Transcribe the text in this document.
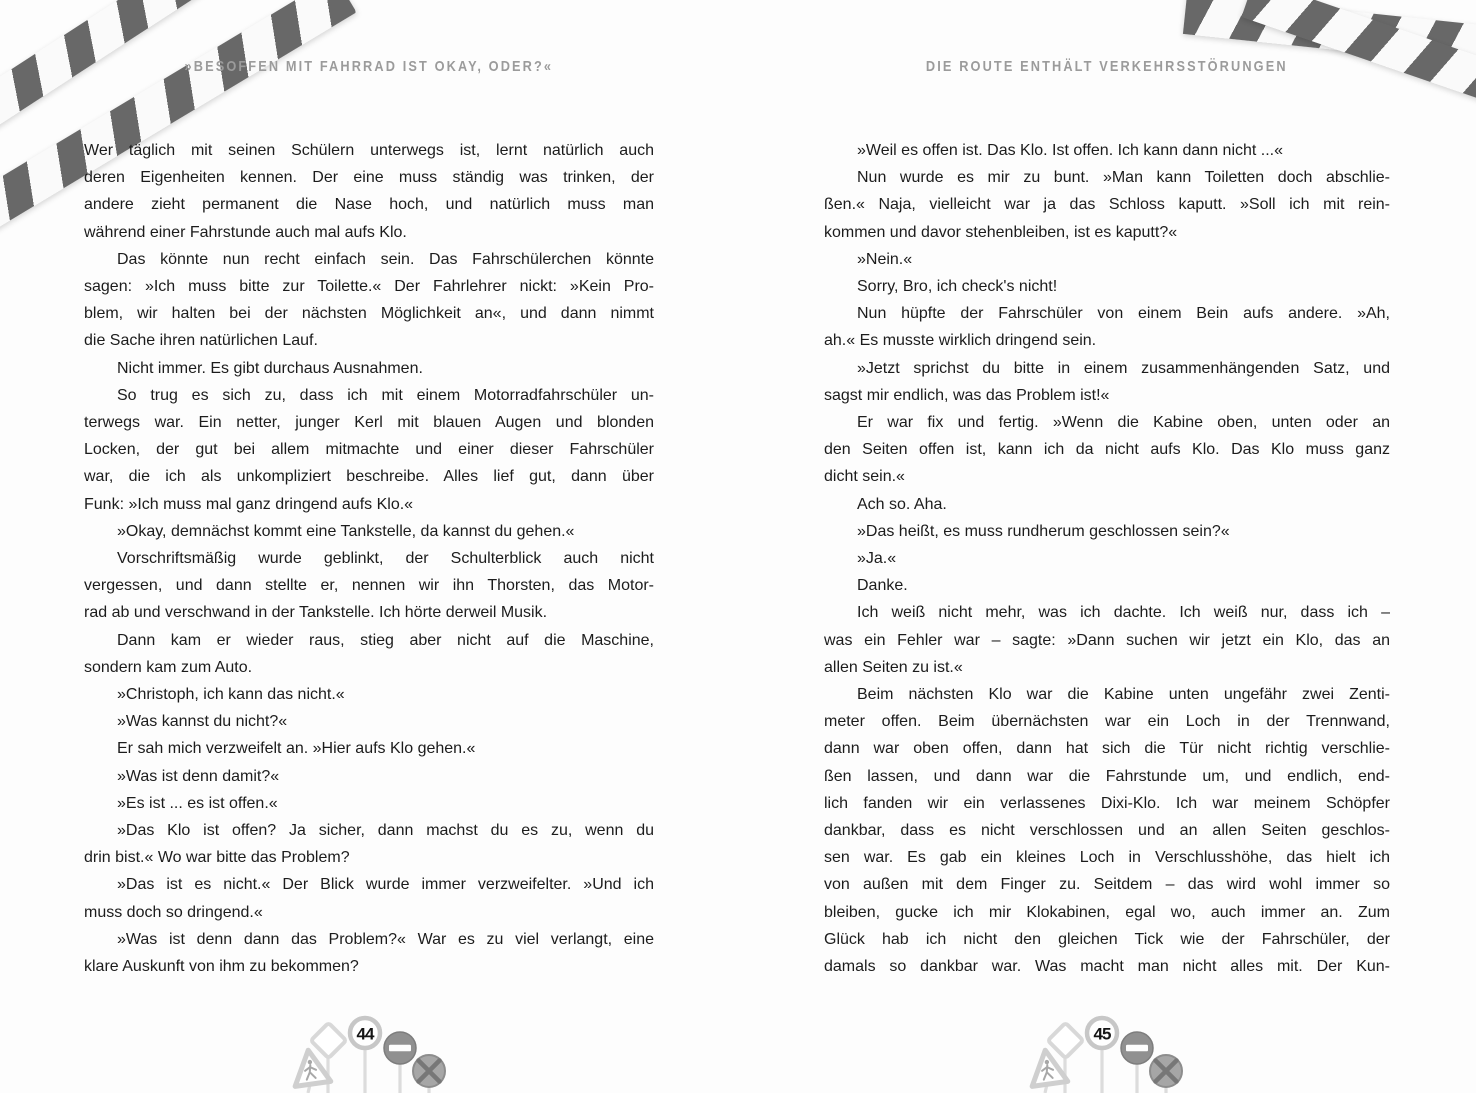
»BESOFFEN MIT FAHRRAD IST OKAY, ODER?«	DIE ROUTE ENTHÄLT VERKEHRSSTÖRUNGEN
Wer täglich mit seinen Schülern unterwegs ist, lernt natürlich auch
deren Eigenheiten kennen. Der eine muss ständig was trinken, der
andere zieht permanent die Nase hoch, und natürlich muss man
während einer Fahrstunde auch mal aufs Klo.
Das könnte nun recht einfach sein. Das Fahrschülerchen könnte
sagen: »Ich muss bitte zur Toilette.« Der Fahrlehrer nickt: »Kein Pro-
blem, wir halten bei der nächsten Möglichkeit an«, und dann nimmt
die Sache ihren natürlichen Lauf.
Nicht immer. Es gibt durchaus Ausnahmen.
So trug es sich zu, dass ich mit einem Motorradfahrschüler un-
terwegs war. Ein netter, junger Kerl mit blauen Augen und blonden
Locken, der gut bei allem mitmachte und einer dieser Fahrschüler
war, die ich als unkompliziert beschreibe. Alles lief gut, dann über
Funk: »Ich muss mal ganz dringend aufs Klo.«
»Okay, demnächst kommt eine Tankstelle, da kannst du gehen.«
Vorschriftsmäßig wurde geblinkt, der Schulterblick auch nicht
vergessen, und dann stellte er, nennen wir ihn Thorsten, das Motor-
rad ab und verschwand in der Tankstelle. Ich hörte derweil Musik.
Dann kam er wieder raus, stieg aber nicht auf die Maschine,
sondern kam zum Auto.
»Christoph, ich kann das nicht.«
»Was kannst du nicht?«
Er sah mich verzweifelt an. »Hier aufs Klo gehen.«
»Was ist denn damit?«
»Es ist ... es ist offen.«
»Das Klo ist offen? Ja sicher, dann machst du es zu, wenn du
drin bist.« Wo war bitte das Problem?
»Das ist es nicht.« Der Blick wurde immer verzweifelter. »Und ich
muss doch so dringend.«
»Was ist denn dann das Problem?« War es zu viel verlangt, eine
klare Auskunft von ihm zu bekommen?
»Weil es offen ist. Das Klo. Ist offen. Ich kann dann nicht ...«
Nun wurde es mir zu bunt. »Man kann Toiletten doch abschlie-
ßen.« Naja, vielleicht war ja das Schloss kaputt. »Soll ich mit rein-
kommen und davor stehenbleiben, ist es kaputt?«
»Nein.«
Sorry, Bro, ich check's nicht!
Nun hüpfte der Fahrschüler von einem Bein aufs andere. »Ah,
ah.« Es musste wirklich dringend sein.
»Jetzt sprichst du bitte in einem zusammenhängenden Satz, und
sagst mir endlich, was das Problem ist!«
Er war fix und fertig. »Wenn die Kabine oben, unten oder an
den Seiten offen ist, kann ich da nicht aufs Klo. Das Klo muss ganz
dicht sein.«
Ach so. Aha.
»Das heißt, es muss rundherum geschlossen sein?«
»Ja.«
Danke.
Ich weiß nicht mehr, was ich dachte. Ich weiß nur, dass ich –
was ein Fehler war – sagte: »Dann suchen wir jetzt ein Klo, das an
allen Seiten zu ist.«
Beim nächsten Klo war die Kabine unten ungefähr zwei Zenti-
meter offen. Beim übernächsten war ein Loch in der Trennwand,
dann war oben offen, dann hat sich die Tür nicht richtig verschlie-
ßen lassen, und dann war die Fahrstunde um, und endlich, end-
lich fanden wir ein verlassenes Dixi-Klo. Ich war meinem Schöpfer
dankbar, dass es nicht verschlossen und an allen Seiten geschlos-
sen war. Es gab ein kleines Loch in Verschlusshöhe, das hielt ich
von außen mit dem Finger zu. Seitdem – das wird wohl immer so
bleiben, gucke ich mir Klokabinen, egal wo, auch immer an. Zum
Glück hab ich nicht den gleichen Tick wie der Fahrschüler, der
damals so dankbar war. Was macht man nicht alles mit. Der Kun-
44	45
